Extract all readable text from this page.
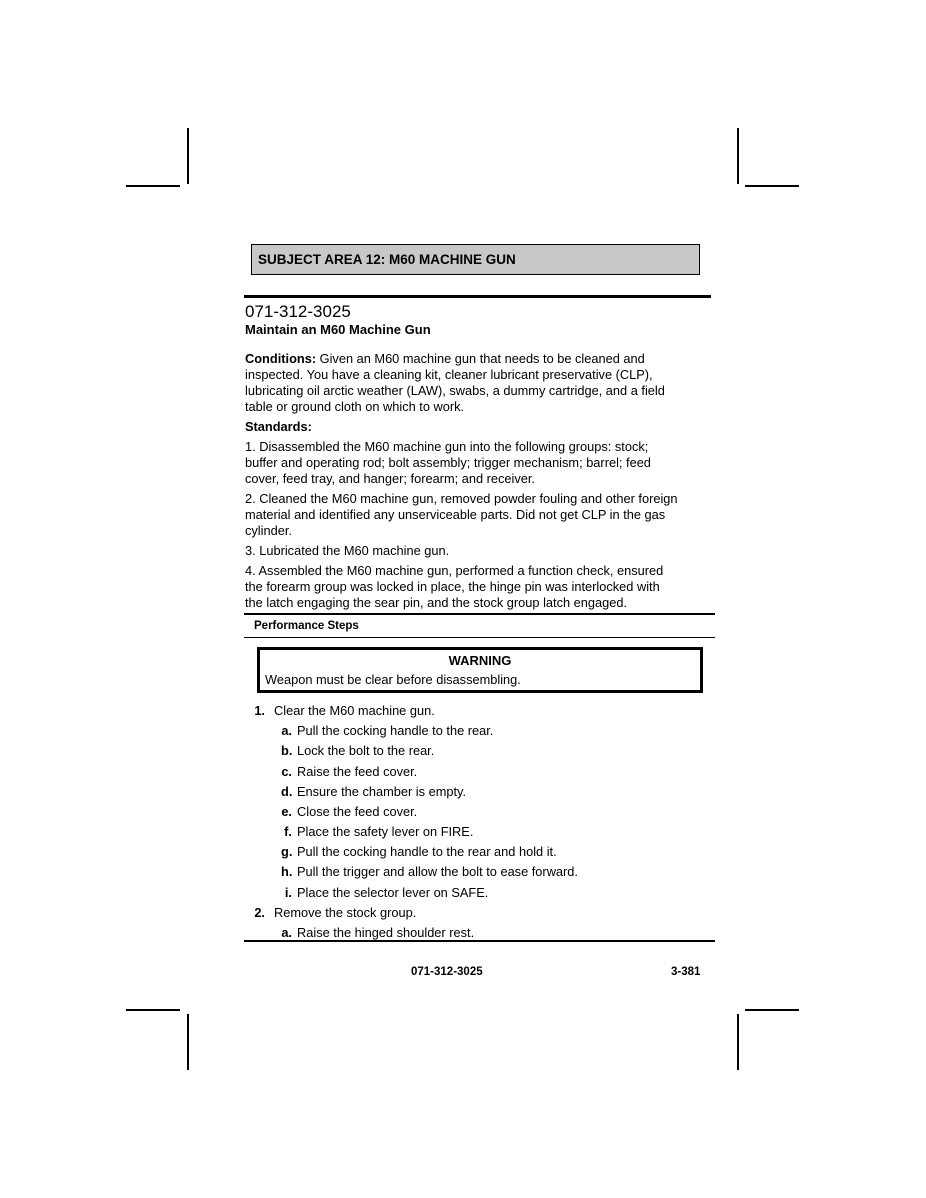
SUBJECT AREA 12: M60 MACHINE GUN
071-312-3025
Maintain an M60 Machine Gun
Conditions: Given an M60 machine gun that needs to be cleaned and
inspected. You have a cleaning kit, cleaner lubricant preservative (CLP),
lubricating oil arctic weather (LAW), swabs, a dummy cartridge, and a field
table or ground cloth on which to work.
Standards:
1. Disassembled the M60 machine gun into the following groups: stock;
buffer and operating rod; bolt assembly; trigger mechanism; barrel; feed
cover, feed tray, and hanger; forearm; and receiver.
2. Cleaned the M60 machine gun, removed powder fouling and other foreign
material and identified any unserviceable parts. Did not get CLP in the gas
cylinder.
3. Lubricated the M60 machine gun.
4. Assembled the M60 machine gun, performed a function check, ensured
the forearm group was locked in place, the hinge pin was interlocked with
the latch engaging the sear pin, and the stock group latch engaged.
Performance Steps
WARNING
Weapon must be clear before disassembling.
1. Clear the M60 machine gun.
a. Pull the cocking handle to the rear.
b. Lock the bolt to the rear.
c. Raise the feed cover.
d. Ensure the chamber is empty.
e. Close the feed cover.
f. Place the safety lever on FIRE.
g. Pull the cocking handle to the rear and hold it.
h. Pull the trigger and allow the bolt to ease forward.
i. Place the selector lever on SAFE.
2. Remove the stock group.
a. Raise the hinged shoulder rest.
071-312-3025	3-381
